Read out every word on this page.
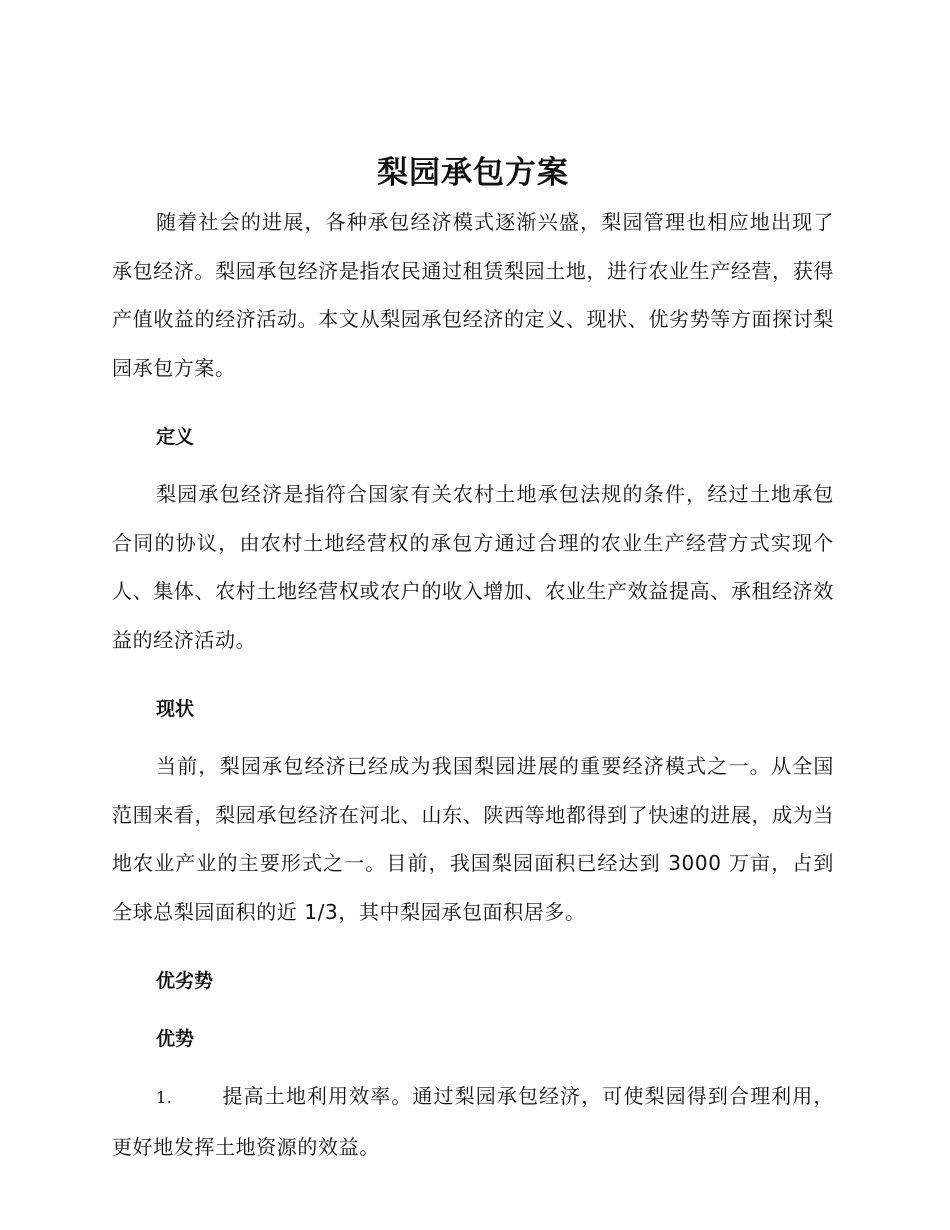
梨园承包方案

随着社会的进展，各种承包经济模式逐渐兴盛，梨园管理也相应地出现了承包经济。梨园承包经济是指农民通过租赁梨园土地，进行农业生产经营，获得产值收益的经济活动。本文从梨园承包经济的定义、现状、优劣势等方面探讨梨园承包方案。

定义

梨园承包经济是指符合国家有关农村土地承包法规的条件，经过土地承包合同的协议，由农村土地经营权的承包方通过合理的农业生产经营方式实现个人、集体、农村土地经营权或农户的收入增加、农业生产效益提高、承租经济效益的经济活动。

现状

当前，梨园承包经济已经成为我国梨园进展的重要经济模式之一。从全国范围来看，梨园承包经济在河北、山东、陕西等地都得到了快速的进展，成为当地农业产业的主要形式之一。目前，我国梨园面积已经达到 3000 万亩，占到全球总梨园面积的近 1/3，其中梨园承包面积居多。

优劣势
优势

1. 提高土地利用效率。通过梨园承包经济，可使梨园得到合理利用，更好地发挥土地资源的效益。
